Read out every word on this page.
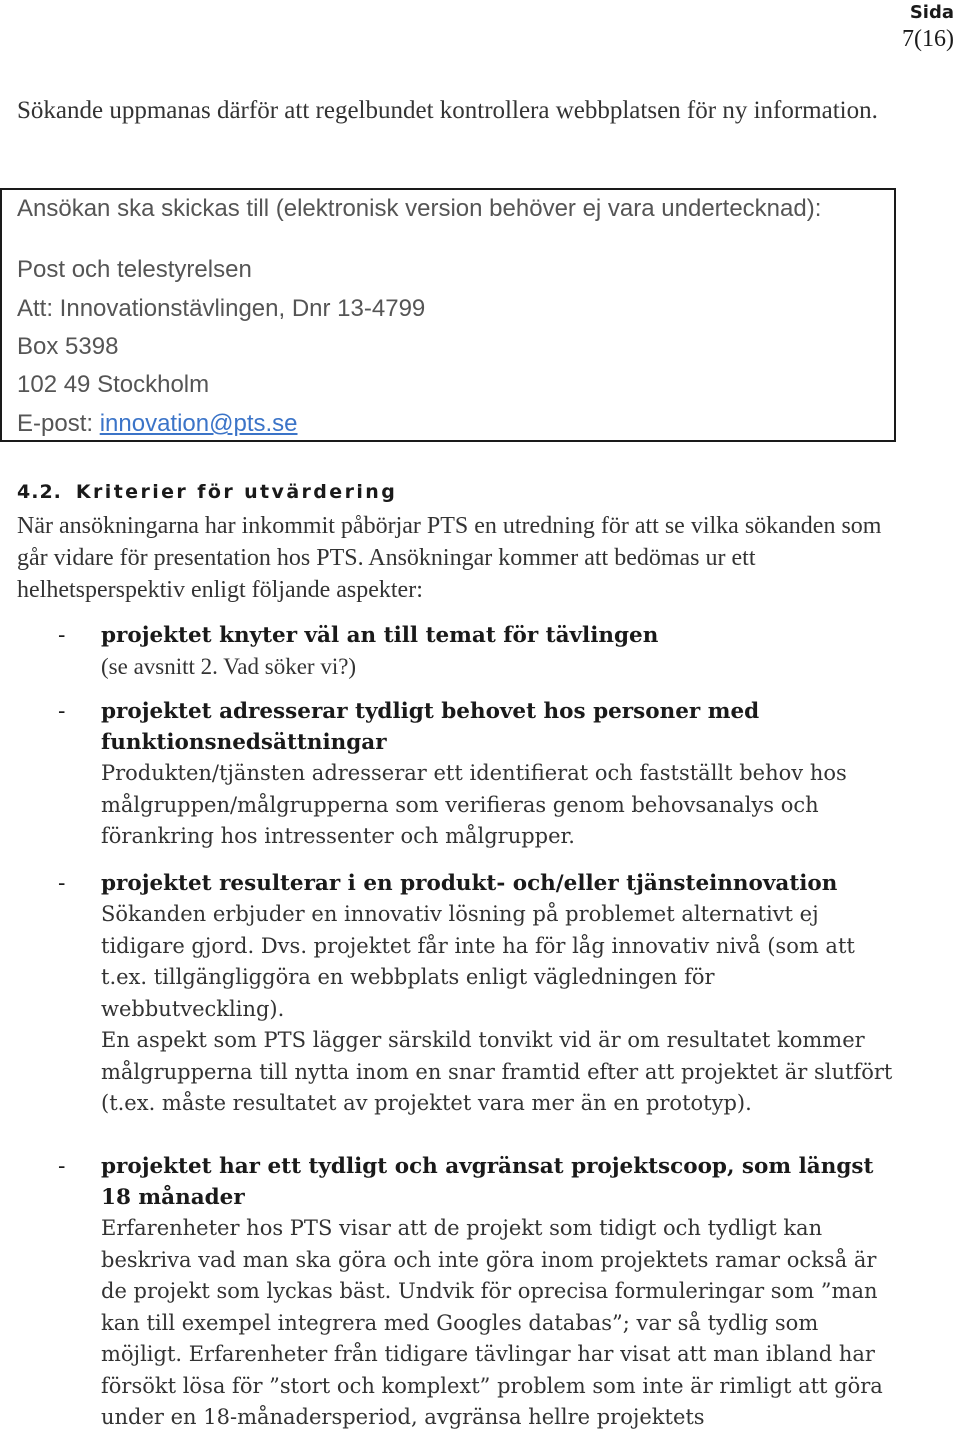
Sida
7(16)

Sökande uppmanas därför att regelbundet kontrollera webbplatsen för ny information.

Ansökan ska skickas till (elektronisk version behöver ej vara undertecknad):

Post och telestyrelsen

Att: Innovationstävlingen, Dnr 13-4799

Box 5398

102 49 Stockholm

E-post: innovation@pts.se

4.2. Kriterier för utvärdering

När ansökningarna har inkommit påbörjar PTS en utredning för att se vilka sökanden som går vidare för presentation hos PTS. Ansökningar kommer att bedömas ur ett helhetsperspektiv enligt följande aspekter:

- projektet knyter väl an till temat för tävlingen

(se avsnitt 2. Vad söker vi?)

- projektet adresserar tydligt behovet hos personer med funktionsnedsättningar

Produkten/tjänsten adresserar ett identifierat och fastställt behov hos målgruppen/målgrupperna som verifieras genom behovsanalys och förankring hos intressenter och målgrupper.

- projektet resulterar i en produkt- och/eller tjänsteinnovation

Sökanden erbjuder en innovativ lösning på problemet alternativt ej tidigare gjord. Dvs. projektet får inte ha för låg innovativ nivå (som att t.ex. tillgängliggöra en webbplats enligt vägledningen för webbutveckling).

En aspekt som PTS lägger särskild tonvikt vid är om resultatet kommer målgrupperna till nytta inom en snar framtid efter att projektet är slutfört (t.ex. måste resultatet av projektet vara mer än en prototyp).

- projektet har ett tydligt och avgränsat projektscoop, som längst 18 månader

Erfarenheter hos PTS visar att de projekt som tidigt och tydligt kan beskriva vad man ska göra och inte göra inom projektets ramar också är de projekt som lyckas bäst. Undvik för oprecisa formuleringar som ”man kan till exempel integrera med Googles databas”; var så tydlig som möjligt. Erfarenheter från tidigare tävlingar har visat att man ibland har försökt lösa för ”stort och komplext” problem som inte är rimligt att göra under en 18-månadersperiod, avgränsa hellre projektets
